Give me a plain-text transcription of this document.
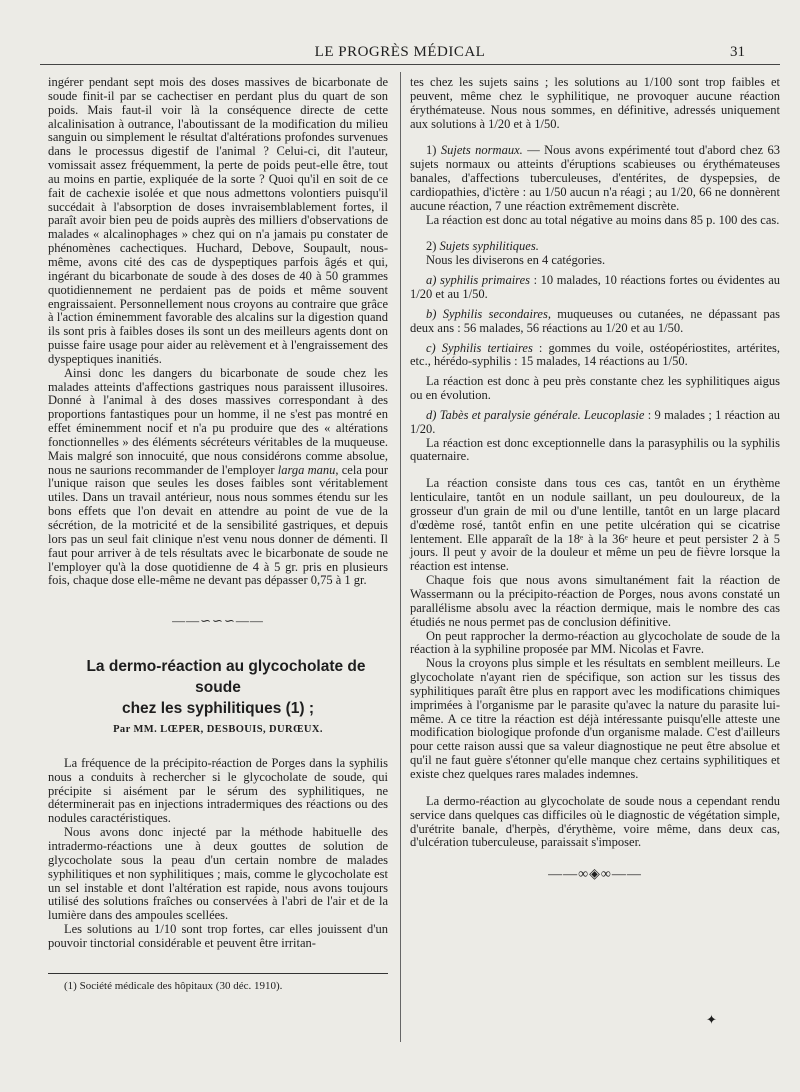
LE PROGRÈS MÉDICAL	31

ingérer pendant sept mois des doses massives de bicarbonate de soude finit-il par se cachectiser en perdant plus du quart de son poids. Mais faut-il voir là la conséquence directe de cette alcalinisation à outrance, l'aboutissant de la modification du milieu sanguin ou simplement le résultat d'altérations profondes survenues dans le processus digestif de l'animal ? Celui-ci, dit l'auteur, vomissait assez fréquemment, la perte de poids peut-elle être, tout au moins en partie, expliquée de la sorte ? Quoi qu'il en soit de ce fait de cachexie isolée et que nous admettons volontiers puisqu'il succédait à l'absorption de doses invraisemblablement fortes, il paraît avoir bien peu de poids auprès des milliers d'observations de malades « alcalinophages » chez qui on n'a jamais pu constater de phénomènes cachectiques. Huchard, Debove, Soupault, nous-même, avons cité des cas de dyspeptiques parfois âgés et qui, ingérant du bicarbonate de soude à des doses de 40 à 50 grammes quotidiennement ne perdaient pas de poids et même souvent engraissaient. Personnellement nous croyons au contraire que grâce à l'action éminemment favorable des alcalins sur la digestion quand ils sont pris à faibles doses ils sont un des meilleurs agents dont on puisse faire usage pour aider au relèvement et à l'engraissement des dyspeptiques inanitiés.

Ainsi donc les dangers du bicarbonate de soude chez les malades atteints d'affections gastriques nous paraissent illusoires. Donné à l'animal à des doses massives correspondant à des proportions fantastiques pour un homme, il ne s'est pas montré en effet éminemment nocif et n'a pu produire que des « altérations fonctionnelles » des éléments sécréteurs véritables de la muqueuse. Mais malgré son innocuité, que nous considérons comme absolue, nous ne saurions recommander de l'employer larga manu, cela pour l'unique raison que seules les doses faibles sont véritablement utiles. Dans un travail antérieur, nous nous sommes étendu sur les bons effets que l'on devait en attendre au point de vue de la sécrétion, de la motricité et de la sensibilité gastriques, et depuis lors pas un seul fait clinique n'est venu nous donner de démenti. Il faut pour arriver à de tels résultats avec le bicarbonate de soude ne l'employer qu'à la dose quotidienne de 4 à 5 gr. pris en plusieurs fois, chaque dose elle-même ne devant pas dépasser 0,75 à 1 gr.

——∽∽∽——

La dermo-réaction au glycocholate de soude
chez les syphilitiques (1) ;

Par MM. LŒPER, DESBOUIS, DURŒUX.

La fréquence de la précipito-réaction de Porges dans la syphilis nous a conduits à rechercher si le glycocholate de soude, qui précipite si aisément par le sérum des syphilitiques, ne déterminerait pas en injections intradermiques des réactions ou des nodules caractéristiques.

Nous avons donc injecté par la méthode habituelle des intradermo-réactions une à deux gouttes de solution de glycocholate sous la peau d'un certain nombre de malades syphilitiques et non syphilitiques ; mais, comme le glycocholate est un sel instable et dont l'altération est rapide, nous avons toujours utilisé des solutions fraîches ou conservées à l'abri de l'air et de la lumière dans des ampoules scellées.

Les solutions au 1/10 sont trop fortes, car elles jouissent d'un pouvoir tinctorial considérable et peuvent être irritan-

(1) Société médicale des hôpitaux (30 déc. 1910).

tes chez les sujets sains ; les solutions au 1/100 sont trop faibles et peuvent, même chez le syphilitique, ne provoquer aucune réaction érythémateuse. Nous nous sommes, en définitive, adressés uniquement aux solutions à 1/20 et à 1/50.

1) Sujets normaux. — Nous avons expérimenté tout d'abord chez 63 sujets normaux ou atteints d'éruptions scabieuses ou érythémateuses banales, d'affections tuberculeuses, d'entérites, de dyspepsies, de cardiopathies, d'ictère : au 1/50 aucun n'a réagi ; au 1/20, 66 ne donnèrent aucune réaction, 7 une réaction extrêmement discrète.

La réaction est donc au total négative au moins dans 85 p. 100 des cas.

2) Sujets syphilitiques.

Nous les diviserons en 4 catégories.

a) syphilis primaires : 10 malades, 10 réactions fortes ou évidentes au 1/20 et au 1/50.

b) Syphilis secondaires, muqueuses ou cutanées, ne dépassant pas deux ans : 56 malades, 56 réactions au 1/20 et au 1/50.

c) Syphilis tertiaires : gommes du voile, ostéopériostites, artérites, etc., hérédo-syphilis : 15 malades, 14 réactions au 1/50.

La réaction est donc à peu près constante chez les syphilitiques aigus ou en évolution.

d) Tabès et paralysie générale. Leucoplasie : 9 malades ; 1 réaction au 1/20.

La réaction est donc exceptionnelle dans la parasyphilis ou la syphilis quaternaire.

La réaction consiste dans tous ces cas, tantôt en un érythème lenticulaire, tantôt en un nodule saillant, un peu douloureux, de la grosseur d'un grain de mil ou d'une lentille, tantôt en un large placard d'œdème rosé, tantôt enfin en une petite ulcération qui se cicatrise lentement. Elle apparaît de la 18ᵉ à la 36ᵉ heure et peut persister 2 à 5 jours. Il peut y avoir de la douleur et même un peu de fièvre lorsque la réaction est intense.

Chaque fois que nous avons simultanément fait la réaction de Wassermann ou la précipito-réaction de Porges, nous avons constaté un parallélisme absolu avec la réaction dermique, mais le nombre des cas étudiés ne nous permet pas de conclusion définitive.

On peut rapprocher la dermo-réaction au glycocholate de soude de la réaction à la syphiline proposée par MM. Nicolas et Favre.

Nous la croyons plus simple et les résultats en semblent meilleurs. Le glycocholate n'ayant rien de spécifique, son action sur les tissus des syphilitiques paraît être plus en rapport avec les modifications chimiques imprimées à l'organisme par le parasite qu'avec la nature du parasite lui-même. A ce titre la réaction est déjà intéressante puisqu'elle atteste une modification biologique profonde d'un organisme malade. C'est d'ailleurs pour cette raison aussi que sa valeur diagnostique ne peut être absolue et qu'il ne faut guère s'étonner qu'elle manque chez certains syphilitiques et existe chez quelques rares malades indemnes.

La dermo-réaction au glycocholate de soude nous a cependant rendu service dans quelques cas difficiles où le diagnostic de végétation simple, d'urétrite banale, d'herpès, d'érythème, voire même, dans deux cas, d'ulcération tuberculeuse, paraissait s'imposer.

——∞◈∞——
✦
